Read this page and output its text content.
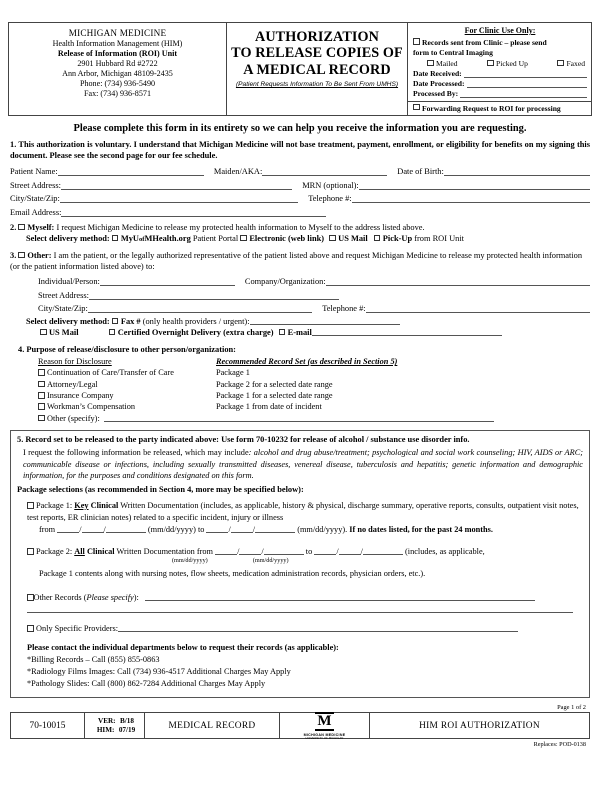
MICHIGAN MEDICINE
Health Information Management (HIM)
Release of Information (ROI) Unit
2901 Hubbard Rd #2722
Ann Arbor, Michigan 48109-2435
Phone: (734) 936-5490
Fax: (734) 936-8571
AUTHORIZATION
TO RELEASE COPIES OF
A MEDICAL RECORD
(Patient Requests Information To Be Sent From UMHS)
For Clinic Use Only:
Records sent from Clinic – please send
form to Central Imaging
Mailed	Picked Up	Faxed
Date Received:
Date Processed:
Processed By:
Forwarding Request to ROI for processing
Please complete this form in its entirety so we can help you receive the information you are requesting.
1. This authorization is voluntary. I understand that Michigan Medicine will not base treatment, payment, enrollment, or eligibility for benefits on my signing this document. Please see the second page for our fee schedule.
Patient Name:	Maiden/AKA:	Date of Birth:
Street Address:	MRN (optional):
City/State/Zip:	Telephone #:
Email Address:
2. Myself: I request Michigan Medicine to release my protected health information to Myself to the address listed above.
Select delivery method: MyUofMHealth.org Patient Portal Electronic (web link) US Mail Pick-Up from ROI Unit
3. Other: I am the patient, or the legally authorized representative of the patient listed above and request Michigan Medicine to release my protected health information (or the patient information listed above) to:
Individual/Person:	Company/Organization:
Street Address:
City/State/Zip:	Telephone #:
Select delivery method: Fax # (only health providers / urgent):
US Mail	Certified Overnight Delivery (extra charge) E-mail
4. Purpose of release/disclosure to other person/organization:
Reason for Disclosure	Recommended Record Set (as described in Section 5)
Continuation of Care/Transfer of Care	Package 1
Attorney/Legal	Package 2 for a selected date range
Insurance Company	Package 1 for a selected date range
Workman’s Compensation	Package 1 from date of incident
Other (specify):
5. Record set to be released to the party indicated above: Use form 70-10232 for release of alcohol / substance use disorder info.
I request the following information be released, which may include: alcohol and drug abuse/treatment; psychological and social work counseling; HIV, AIDS or ARC; communicable disease or infections, including sexually transmitted diseases, venereal disease, tuberculosis and hepatitis; genetic information and demographic information, for the purposes and conditions designated on this form.
Package selections (as recommended in Section 4, more may be specified below):
Package 1: Key Clinical Written Documentation (includes, as applicable, history & physical, discharge summary, operative reports, consults, outpatient visit notes, test reports, ER clinician notes) related to a specific incident, injury or illness
from	/	/	(mm/dd/yyyy) to	/	/	(mm/dd/yyyy). If no dates listed, for the past 24 months.
Package 2: All Clinical Written Documentation from	/	/	to	/	/	(includes, as applicable,
(mm/dd/yyyy)	(mm/dd/yyyy)
Package 1 contents along with nursing notes, flow sheets, medication administration records, physician orders, etc.).
Other Records (Please specify):
Only Specific Providers:
Please contact the individual departments below to request their records (as applicable):
*Billing Records – Call (855) 855-0863
*Radiology Films Images: Call (734) 936-4517 Additional Charges May Apply
*Pathology Slides: Call (800) 862-7284 Additional Charges May Apply
Page 1 of 2
70-10015
VER: B/18
HIM: 07/19	MEDICAL RECORD	M
MICHIGAN MEDICINE
UNIVERSITY OF MICHIGAN
HIM ROI AUTHORIZATION
Replaces: POD-0138
